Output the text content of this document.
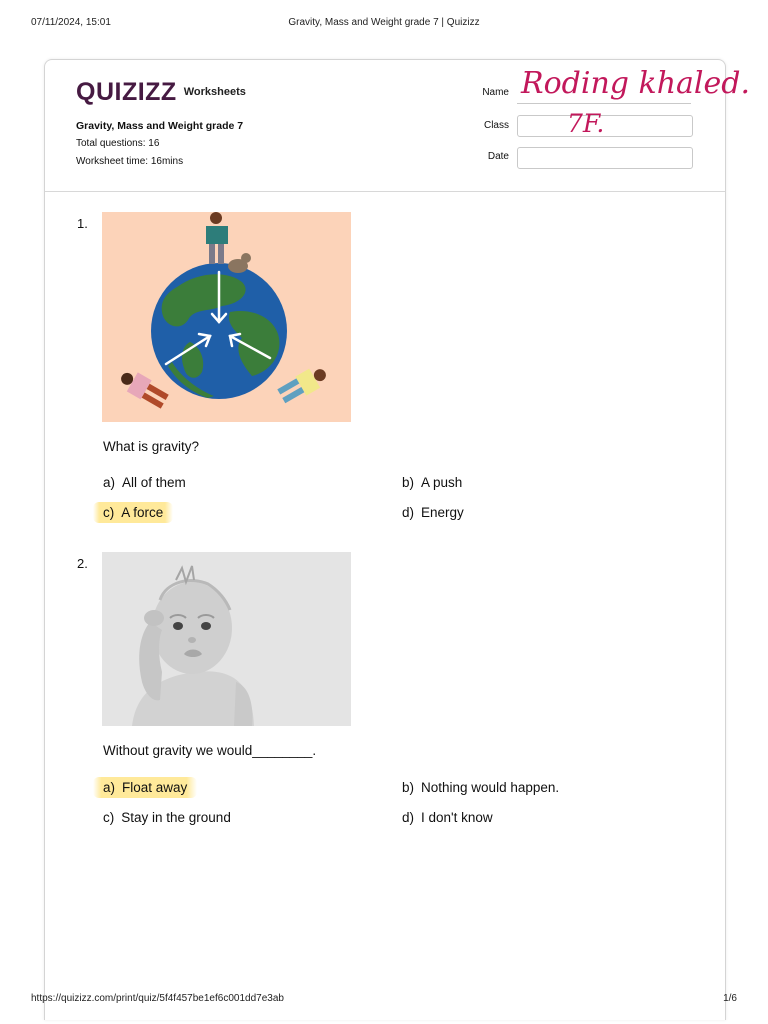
07/11/2024, 15:01	Gravity, Mass and Weight grade 7 | Quizizz
QUIZIZZ Worksheets
Gravity, Mass and Weight grade 7
Total questions: 16
Worksheet time: 16mins
Name Roding khaled.
Class 7F.
Date
1.
What is gravity?
a) All of them	b) A push
c) A force	d) Energy
2.
Without gravity we would________.
a) Float away	b) Nothing would happen.
c) Stay in the ground	d) I don't know
https://quizizz.com/print/quiz/5f4f457be1ef6c001dd7e3ab	1/6
